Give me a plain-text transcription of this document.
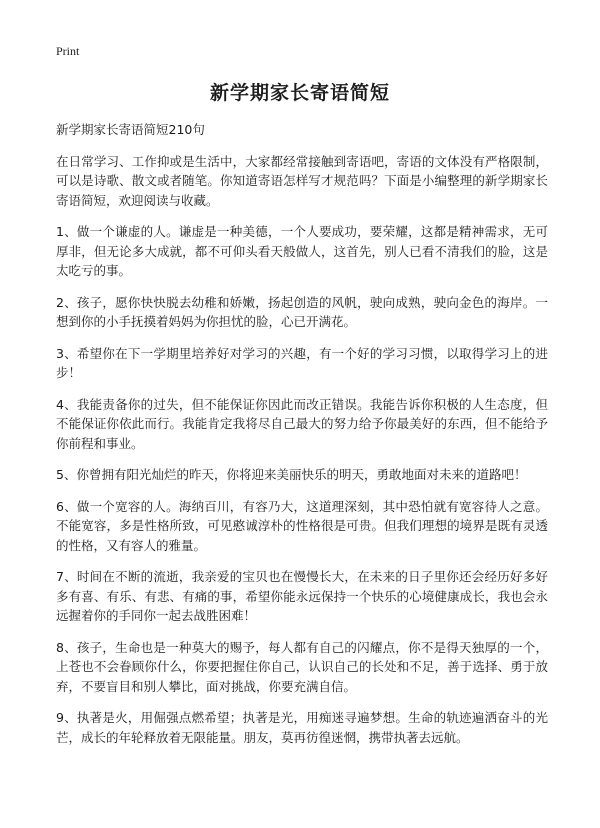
Print
新学期家长寄语简短

新学期家长寄语简短210句

在日常学习、工作抑或是生活中，大家都经常接触到寄语吧，寄语的文体没有严格限制，可以是诗歌、散文或者随笔。你知道寄语怎样写才规范吗？下面是小编整理的新学期家长寄语简短，欢迎阅读与收藏。

1、做一个谦虚的人。谦虚是一种美德，一个人要成功，要荣耀，这都是精神需求，无可厚非，但无论多大成就，都不可仰头看天般做人，这首先，别人已看不清我们的脸，这是太吃亏的事。

2、孩子，愿你快快脱去幼稚和娇嫩，扬起创造的风帆，驶向成熟，驶向金色的海岸。一想到你的小手抚摸着妈妈为你担忧的脸，心已开满花。

3、希望你在下一学期里培养好对学习的兴趣，有一个好的学习习惯，以取得学习上的进步！

4、我能责备你的过失，但不能保证你因此而改正错误。我能告诉你积极的人生态度，但不能保证你依此而行。我能肯定我将尽自己最大的努力给予你最美好的东西，但不能给予你前程和事业。

5、你曾拥有阳光灿烂的昨天，你将迎来美丽快乐的明天，勇敢地面对未来的道路吧！

6、做一个宽容的人。海纳百川，有容乃大，这道理深刻，其中恐怕就有宽容待人之意。不能宽容，多是性格所致，可见憨诚淳朴的性格很是可贵。但我们理想的境界是既有灵透的性格，又有容人的雅量。

7、时间在不断的流逝，我亲爱的宝贝也在慢慢长大，在未来的日子里你还会经历好多好多有喜、有乐、有悲、有痛的事，希望你能永远保持一个快乐的心境健康成长，我也会永远握着你的手同你一起去战胜困难！

8、孩子，生命也是一种莫大的赐予，每人都有自己的闪耀点，你不是得天独厚的一个，上苍也不会眷顾你什么，你要把握住你自己，认识自己的长处和不足，善于选择、勇于放弃，不要盲目和别人攀比，面对挑战，你要充满自信。

9、执著是火，用倔强点燃希望；执著是光，用痴迷寻遍梦想。生命的轨迹遍洒奋斗的光芒，成长的年轮释放着无限能量。朋友，莫再彷徨迷惘，携带执著去远航。
